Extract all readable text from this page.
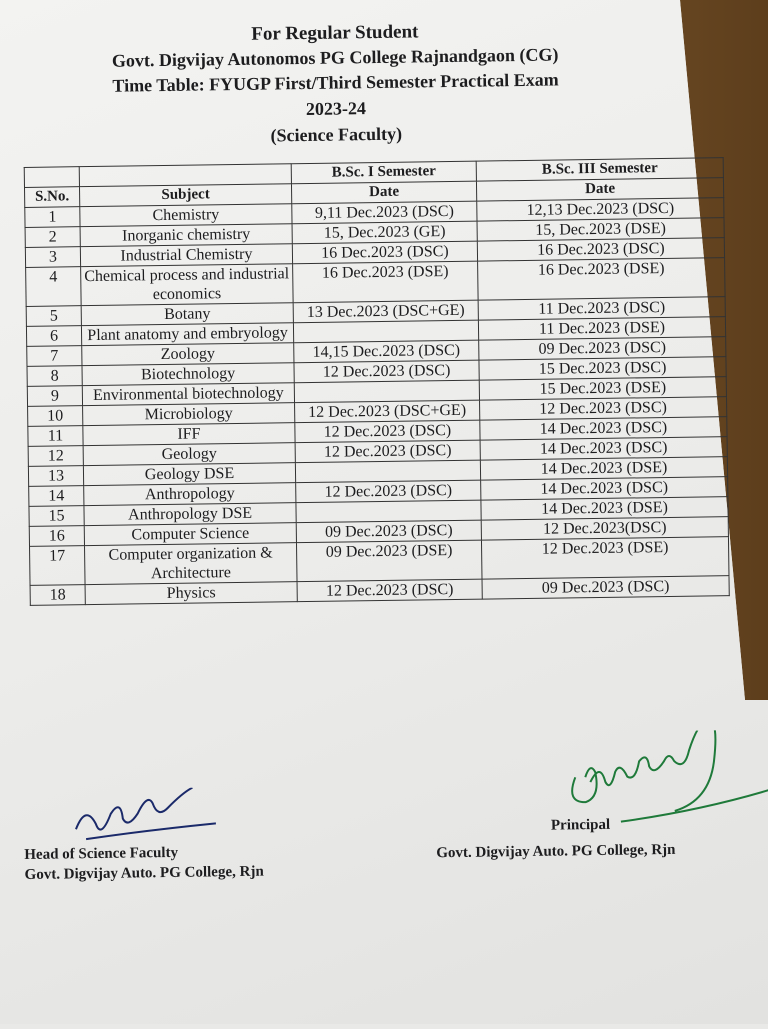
For Regular Student
Govt. Digvijay Autonomos PG College Rajnandgaon (CG)
Time Table: FYUGP First/Third Semester Practical Exam
2023-24
(Science Faculty)
		B.Sc. I Semester	B.Sc. III Semester
S.No.	Subject	Date	Date
1	Chemistry	9,11 Dec.2023 (DSC)	12,13 Dec.2023 (DSC)
2	Inorganic chemistry	15, Dec.2023 (GE)	15, Dec.2023 (DSE)
3	Industrial Chemistry	16 Dec.2023 (DSC)	16 Dec.2023 (DSC)
4	Chemical process and industrial economics	16 Dec.2023 (DSE)	16 Dec.2023 (DSE)
5	Botany	13 Dec.2023 (DSC+GE)	11 Dec.2023 (DSC)
6	Plant anatomy and embryology		11 Dec.2023 (DSE)
7	Zoology	14,15 Dec.2023 (DSC)	09 Dec.2023 (DSC)
8	Biotechnology	12 Dec.2023 (DSC)	15 Dec.2023 (DSC)
9	Environmental biotechnology		15 Dec.2023 (DSE)
10	Microbiology	12 Dec.2023 (DSC+GE)	12 Dec.2023 (DSC)
11	IFF	12 Dec.2023 (DSC)	14 Dec.2023 (DSC)
12	Geology	12 Dec.2023 (DSC)	14 Dec.2023 (DSC)
13	Geology DSE		14 Dec.2023 (DSE)
14	Anthropology	12 Dec.2023 (DSC)	14 Dec.2023 (DSC)
15	Anthropology DSE		14 Dec.2023 (DSE)
16	Computer Science	09 Dec.2023 (DSC)	12 Dec.2023(DSC)
17	Computer organization & Architecture	09 Dec.2023 (DSE)	12 Dec.2023 (DSE)
18	Physics	12 Dec.2023 (DSC)	09 Dec.2023 (DSC)
Head of Science Faculty
Govt. Digvijay Auto. PG College, Rjn
Principal
Govt. Digvijay Auto. PG College, Rjn
